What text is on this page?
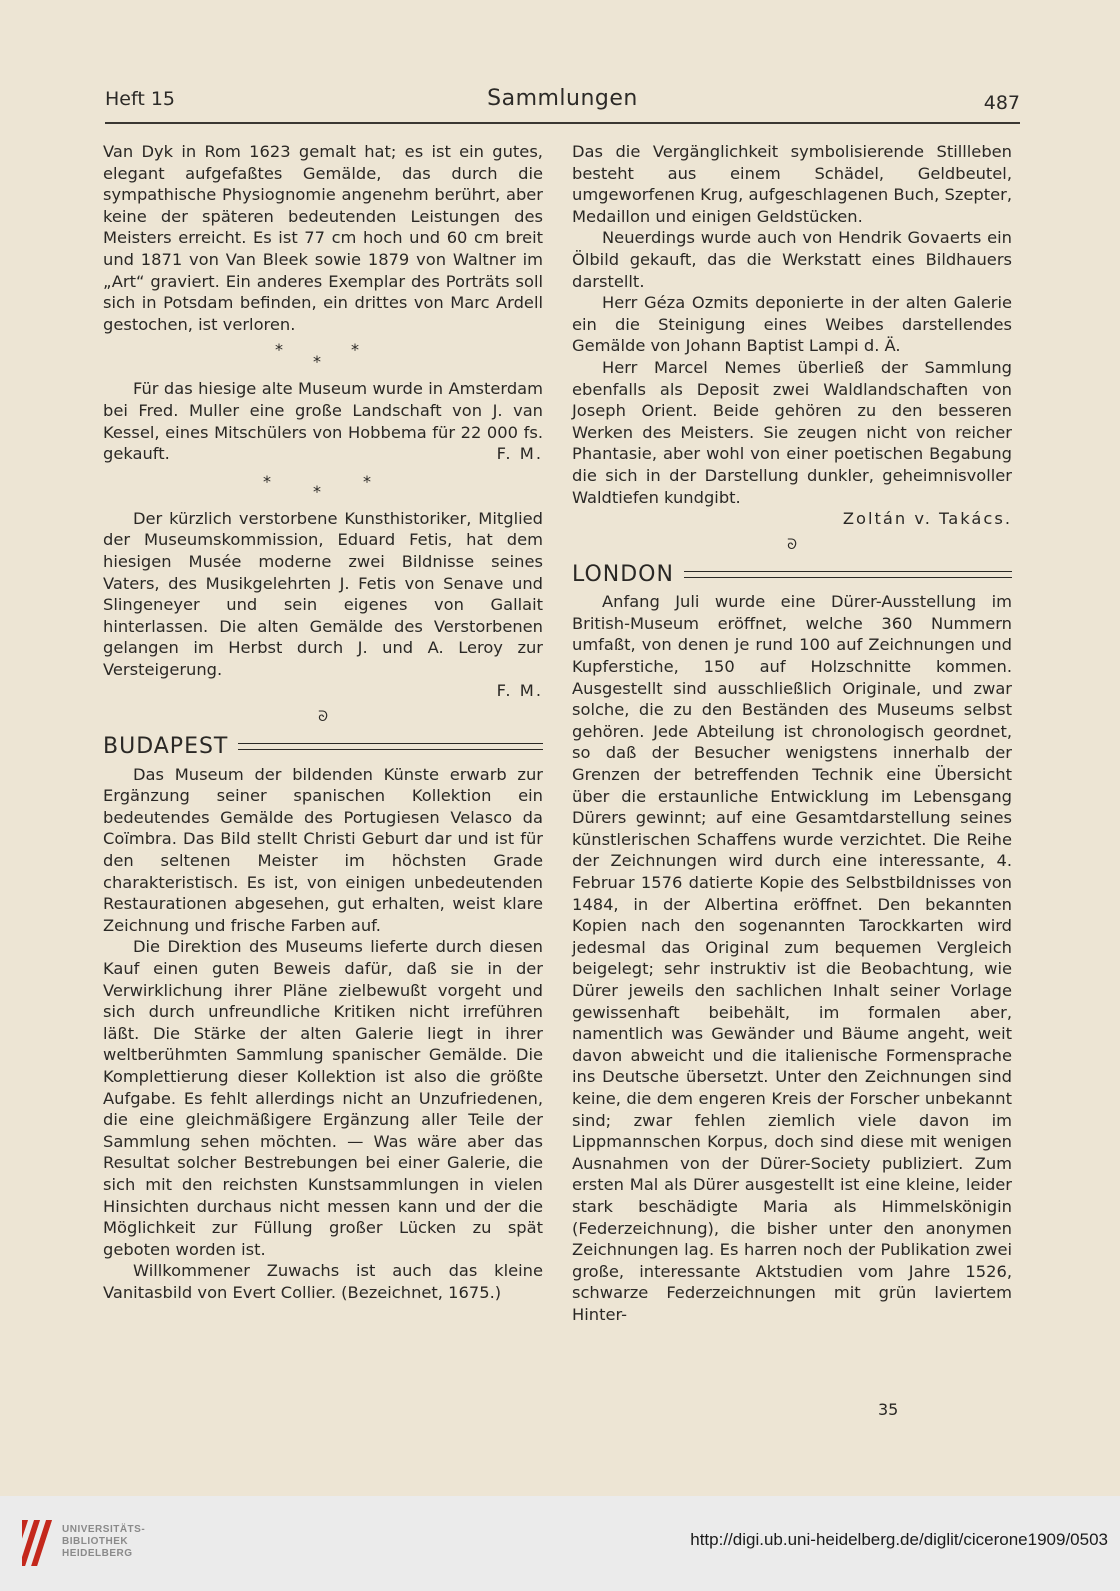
Heft 15	Sammlungen	487

Van Dyk in Rom 1623 gemalt hat; es ist ein gutes, elegant aufgefaßtes Gemälde, das durch die sympathische Physiognomie angenehm berührt, aber keine der späteren bedeutenden Leistungen des Meisters erreicht. Es ist 77 cm hoch und 60 cm breit und 1871 von Van Bleek sowie 1879 von Waltner im „Art“ graviert. Ein anderes Exemplar des Porträts soll sich in Potsdam befinden, ein drittes von Marc Ardell gestochen, ist verloren.

*
*
*

Für das hiesige alte Museum wurde in Amsterdam bei Fred. Muller eine große Landschaft von J. van Kessel, eines Mitschülers von Hobbema für 22 000 fs. gekauft.	F. M.

*
*
*

Der kürzlich verstorbene Kunsthistoriker, Mitglied der Museumskommission, Eduard Fetis, hat dem hiesigen Musée moderne zwei Bildnisse seines Vaters, des Musikgelehrten J. Fetis von Senave und Slingeneyer und sein eigenes von Gallait hinterlassen. Die alten Gemälde des Verstorbenen gelangen im Herbst durch J. und A. Leroy zur Versteigerung.

F. M.

ᘐ
BUDAPEST

Das Museum der bildenden Künste erwarb zur Ergänzung seiner spanischen Kollektion ein bedeutendes Gemälde des Portugiesen Velasco da Coïmbra. Das Bild stellt Christi Geburt dar und ist für den seltenen Meister im höchsten Grade charakteristisch. Es ist, von einigen unbedeutenden Restaurationen abgesehen, gut erhalten, weist klare Zeichnung und frische Farben auf.

Die Direktion des Museums lieferte durch diesen Kauf einen guten Beweis dafür, daß sie in der Verwirklichung ihrer Pläne zielbewußt vorgeht und sich durch unfreundliche Kritiken nicht irreführen läßt. Die Stärke der alten Galerie liegt in ihrer weltberühmten Sammlung spanischer Gemälde. Die Komplettierung dieser Kollektion ist also die größte Aufgabe. Es fehlt allerdings nicht an Unzufriedenen, die eine gleichmäßigere Ergänzung aller Teile der Sammlung sehen möchten. — Was wäre aber das Resultat solcher Bestrebungen bei einer Galerie, die sich mit den reichsten Kunstsammlungen in vielen Hinsichten durchaus nicht messen kann und der die Möglichkeit zur Füllung großer Lücken zu spät geboten worden ist.

Willkommener Zuwachs ist auch das kleine Vanitasbild von Evert Collier. (Bezeichnet, 1675.)

Das die Vergänglichkeit symbolisierende Stillleben besteht aus einem Schädel, Geldbeutel, umgeworfenen Krug, aufgeschlagenen Buch, Szepter, Medaillon und einigen Geldstücken.

Neuerdings wurde auch von Hendrik Govaerts ein Ölbild gekauft, das die Werkstatt eines Bildhauers darstellt.

Herr Géza Ozmits deponierte in der alten Galerie ein die Steinigung eines Weibes darstellendes Gemälde von Johann Baptist Lampi d. Ä.

Herr Marcel Nemes überließ der Sammlung ebenfalls als Deposit zwei Waldlandschaften von Joseph Orient. Beide gehören zu den besseren Werken des Meisters. Sie zeugen nicht von reicher Phantasie, aber wohl von einer poetischen Begabung die sich in der Darstellung dunkler, geheimnisvoller Waldtiefen kundgibt.

Zoltán v. Takács.

ᘐ
LONDON

Anfang Juli wurde eine Dürer-Ausstellung im British-Museum eröffnet, welche 360 Nummern umfaßt, von denen je rund 100 auf Zeichnungen und Kupferstiche, 150 auf Holzschnitte kommen. Ausgestellt sind ausschließlich Originale, und zwar solche, die zu den Beständen des Museums selbst gehören. Jede Abteilung ist chronologisch geordnet, so daß der Besucher wenigstens innerhalb der Grenzen der betreffenden Technik eine Übersicht über die erstaunliche Entwicklung im Lebensgang Dürers gewinnt; auf eine Gesamtdarstellung seines künstlerischen Schaffens wurde verzichtet. Die Reihe der Zeichnungen wird durch eine interessante, 4. Februar 1576 datierte Kopie des Selbstbildnisses von 1484, in der Albertina eröffnet. Den bekannten Kopien nach den sogenannten Tarockkarten wird jedesmal das Original zum bequemen Vergleich beigelegt; sehr instruktiv ist die Beobachtung, wie Dürer jeweils den sachlichen Inhalt seiner Vorlage gewissenhaft beibehält, im formalen aber, namentlich was Gewänder und Bäume angeht, weit davon abweicht und die italienische Formensprache ins Deutsche übersetzt. Unter den Zeichnungen sind keine, die dem engeren Kreis der Forscher unbekannt sind; zwar fehlen ziemlich viele davon im Lippmannschen Korpus, doch sind diese mit wenigen Ausnahmen von der Dürer-Society publiziert. Zum ersten Mal als Dürer ausgestellt ist eine kleine, leider stark beschädigte Maria als Himmelskönigin (Federzeichnung), die bisher unter den anonymen Zeichnungen lag. Es harren noch der Publikation zwei große, interessante Aktstudien vom Jahre 1526, schwarze Federzeichnungen mit grün laviertem Hinter-

35
UNIVERSITÄTS-
BIBLIOTHEK
HEIDELBERG
http://digi.ub.uni-heidelberg.de/diglit/cicerone1909/0503
